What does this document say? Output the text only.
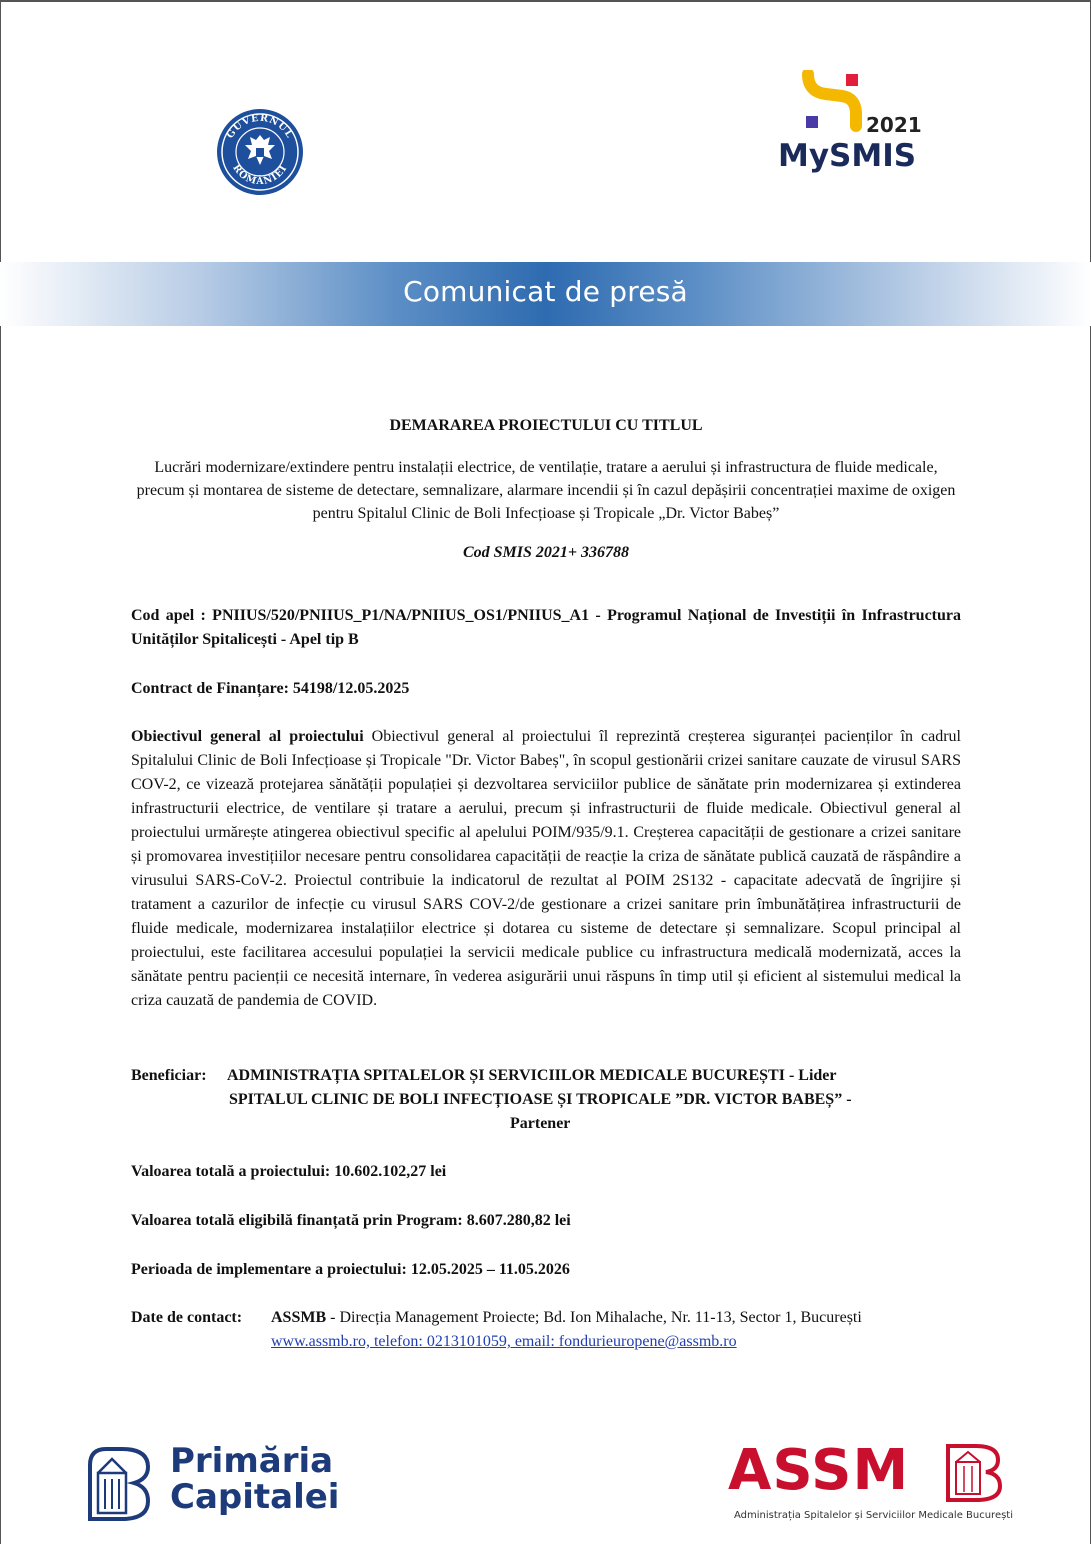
GUVERNUL
ROMÂNIEI
2021
MySMIS
Comunicat de presă
DEMARAREA PROIECTULUI CU TITLUL
Lucrări modernizare/extindere pentru instalații electrice, de ventilație, tratare a aerului și infrastructura de fluide medicale, precum și montarea de sisteme de detectare, semnalizare, alarmare incendii și în cazul depășirii concentrației maxime de oxigen pentru Spitalul Clinic de Boli Infecțioase și Tropicale „Dr. Victor Babeș”
Cod SMIS 2021+ 336788
Cod apel : PNIIUS/520/PNIIUS_P1/NA/PNIIUS_OS1/PNIIUS_A1 - Programul Național de Investiții în Infrastructura Unităților Spitalicești - Apel tip B
Contract de Finanțare: 54198/12.05.2025
Obiectivul general al proiectului Obiectivul general al proiectului îl reprezintă creșterea siguranței pacienților în cadrul Spitalului Clinic de Boli Infecțioase și Tropicale "Dr. Victor Babeș", în scopul gestionării crizei sanitare cauzate de virusul SARS COV-2, ce vizează protejarea sănătății populației și dezvoltarea serviciilor publice de sănătate prin modernizarea și extinderea infrastructurii electrice, de ventilare și tratare a aerului, precum și infrastructurii de fluide medicale. Obiectivul general al proiectului urmărește atingerea obiectivul specific al apelului POIM/935/9.1. Creșterea capacității de gestionare a crizei sanitare și promovarea investițiilor necesare pentru consolidarea capacității de reacție la criza de sănătate publică cauzată de răspândire a virusului SARS-CoV-2. Proiectul contribuie la indicatorul de rezultat al POIM 2S132 - capacitate adecvată de îngrijire și tratament a cazurilor de infecție cu virusul SARS COV-2/de gestionare a crizei sanitare prin îmbunătățirea infrastructurii de fluide medicale, modernizarea instalațiilor electrice și dotarea cu sisteme de detectare și semnalizare. Scopul principal al proiectului, este facilitarea accesului populației la servicii medicale publice cu infrastructura medicală modernizată, acces la sănătate pentru pacienții ce necesită internare, în vederea asigurării unui răspuns în timp util și eficient al sistemului medical la criza cauzată de pandemia de COVID.
Beneficiar:	ADMINISTRAȚIA SPITALELOR ȘI SERVICIILOR MEDICALE BUCUREȘTI - Lider
SPITALUL CLINIC DE BOLI INFECȚIOASE ȘI TROPICALE ”DR. VICTOR BABEȘ” -
Partener
Valoarea totală a proiectului: 10.602.102,27 lei
Valoarea totală eligibilă finanțată prin Program: 8.607.280,82 lei
Perioada de implementare a proiectului: 12.05.2025 – 11.05.2026
Date de contact:	ASSMB - Direcția Management Proiecte; Bd. Ion Mihalache, Nr. 11-13, Sector 1, București
www.assmb.ro, telefon: 0213101059, email: fondurieuropene@assmb.ro
Primăria
Capitalei	ASSM
Administrația Spitalelor și Serviciilor Medicale București
